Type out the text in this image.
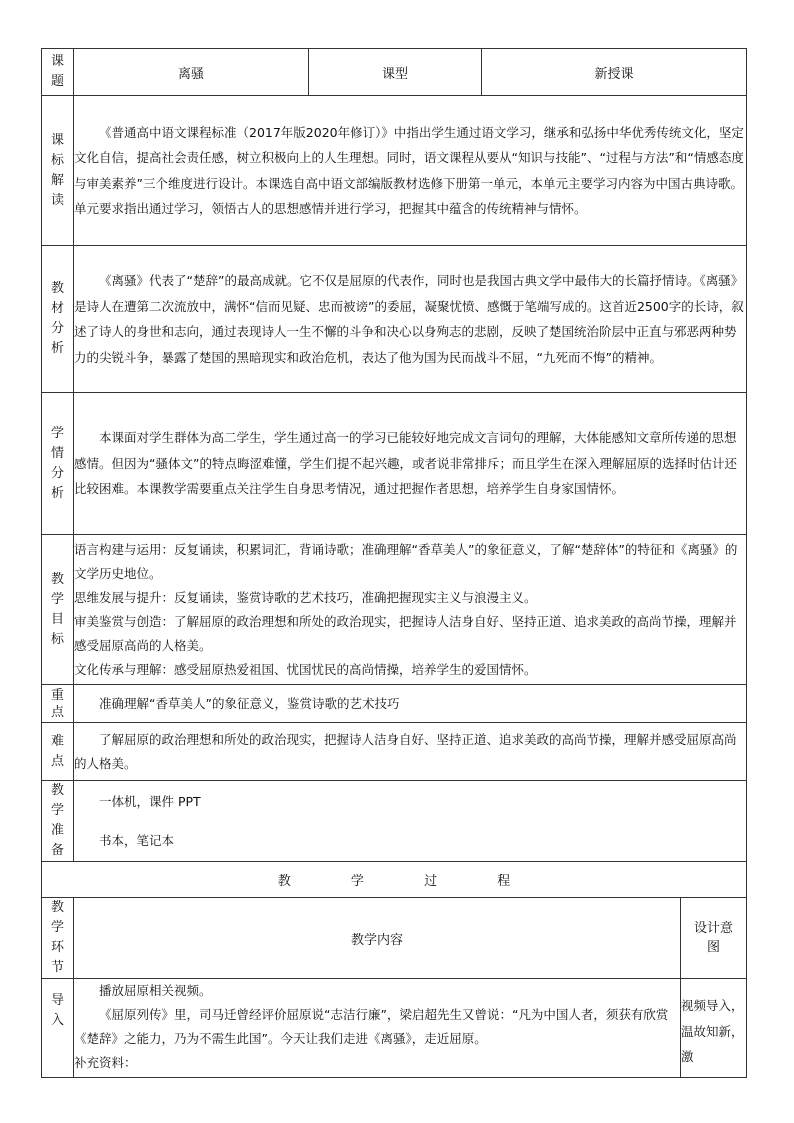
课题	离骚	课型	新授课	

课标解读	《普通高中语文课程标准（2017年版2020年修订）》中指出学生通过语文学习，继承和弘扬中华优秀传统文化，坚定文化自信，提高社会责任感，树立积极向上的人生理想。同时，语文课程从要从“知识与技能”、“过程与方法”和“情感态度与审美素养”三个维度进行设计。本课选自高中语文部编版教材选修下册第一单元，本单元主要学习内容为中国古典诗歌。单元要求指出通过学习，领悟古人的思想感情并进行学习，把握其中蕴含的传统精神与情怀。			

教材分析	《离骚》代表了“楚辞”的最高成就。它不仅是屈原的代表作，同时也是我国古典文学中最伟大的长篇抒情诗。《离骚》是诗人在遭第二次流放中，满怀“信而见疑、忠而被谤”的委屈，凝聚忧愤、感慨于笔端写成的。这首近2500字的长诗，叙述了诗人的身世和志向，通过表现诗人一生不懈的斗争和决心以身殉志的悲剧，反映了楚国统治阶层中正直与邪恶两种势力的尖锐斗争，暴露了楚国的黑暗现实和政治危机，表达了他为国为民而战斗不屈，“九死而不悔”的精神。			

学情分析	本课面对学生群体为高二学生，学生通过高一的学习已能较好地完成文言词句的理解，大体能感知文章所传递的思想感情。但因为“骚体文”的特点晦涩难懂，学生们提不起兴趣，或者说非常排斥；而且学生在深入理解屈原的选择时估计还比较困难。本课教学需要重点关注学生自身思考情况，通过把握作者思想，培养学生自身家国情怀。			

教学目标	语言构建与运用：反复诵读，积累词汇，背诵诗歌；准确理解“香草美人”的象征意义，了解“楚辞体”的特征和《离骚》的文学历史地位。

思维发展与提升：反复诵读，鉴赏诗歌的艺术技巧，准确把握现实主义与浪漫主义。

审美鉴赏与创造：了解屈原的政治理想和所处的政治现实，把握诗人洁身自好、坚持正道、追求美政的高尚节操，理解并感受屈原高尚的人格美。

文化传承与理解：感受屈原热爱祖国、忧国忧民的高尚情操，培养学生的爱国情怀。			

重点	准确理解“香草美人”的象征意义，鉴赏诗歌的艺术技巧			

难点	了解屈原的政治理想和所处的政治现实，把握诗人洁身自好、坚持正道、追求美政的高尚节操，理解并感受屈原高尚的人格美。			

教学准备	一体机，课件 PPT

书本，笔记本			

教 学 过 程				

教学环节	教学内容			设计意图

导入	播放屈原相关视频。

《屈原列传》里，司马迁曾经评价屈原说“志洁行廉”，梁启超先生又曾说：“凡为中国人者，须获有欣赏《楚辞》之能力，乃为不需生此国”。今天让我们走进《离骚》，走近屈原。

补充资料：			视频导入，温故知新，激
